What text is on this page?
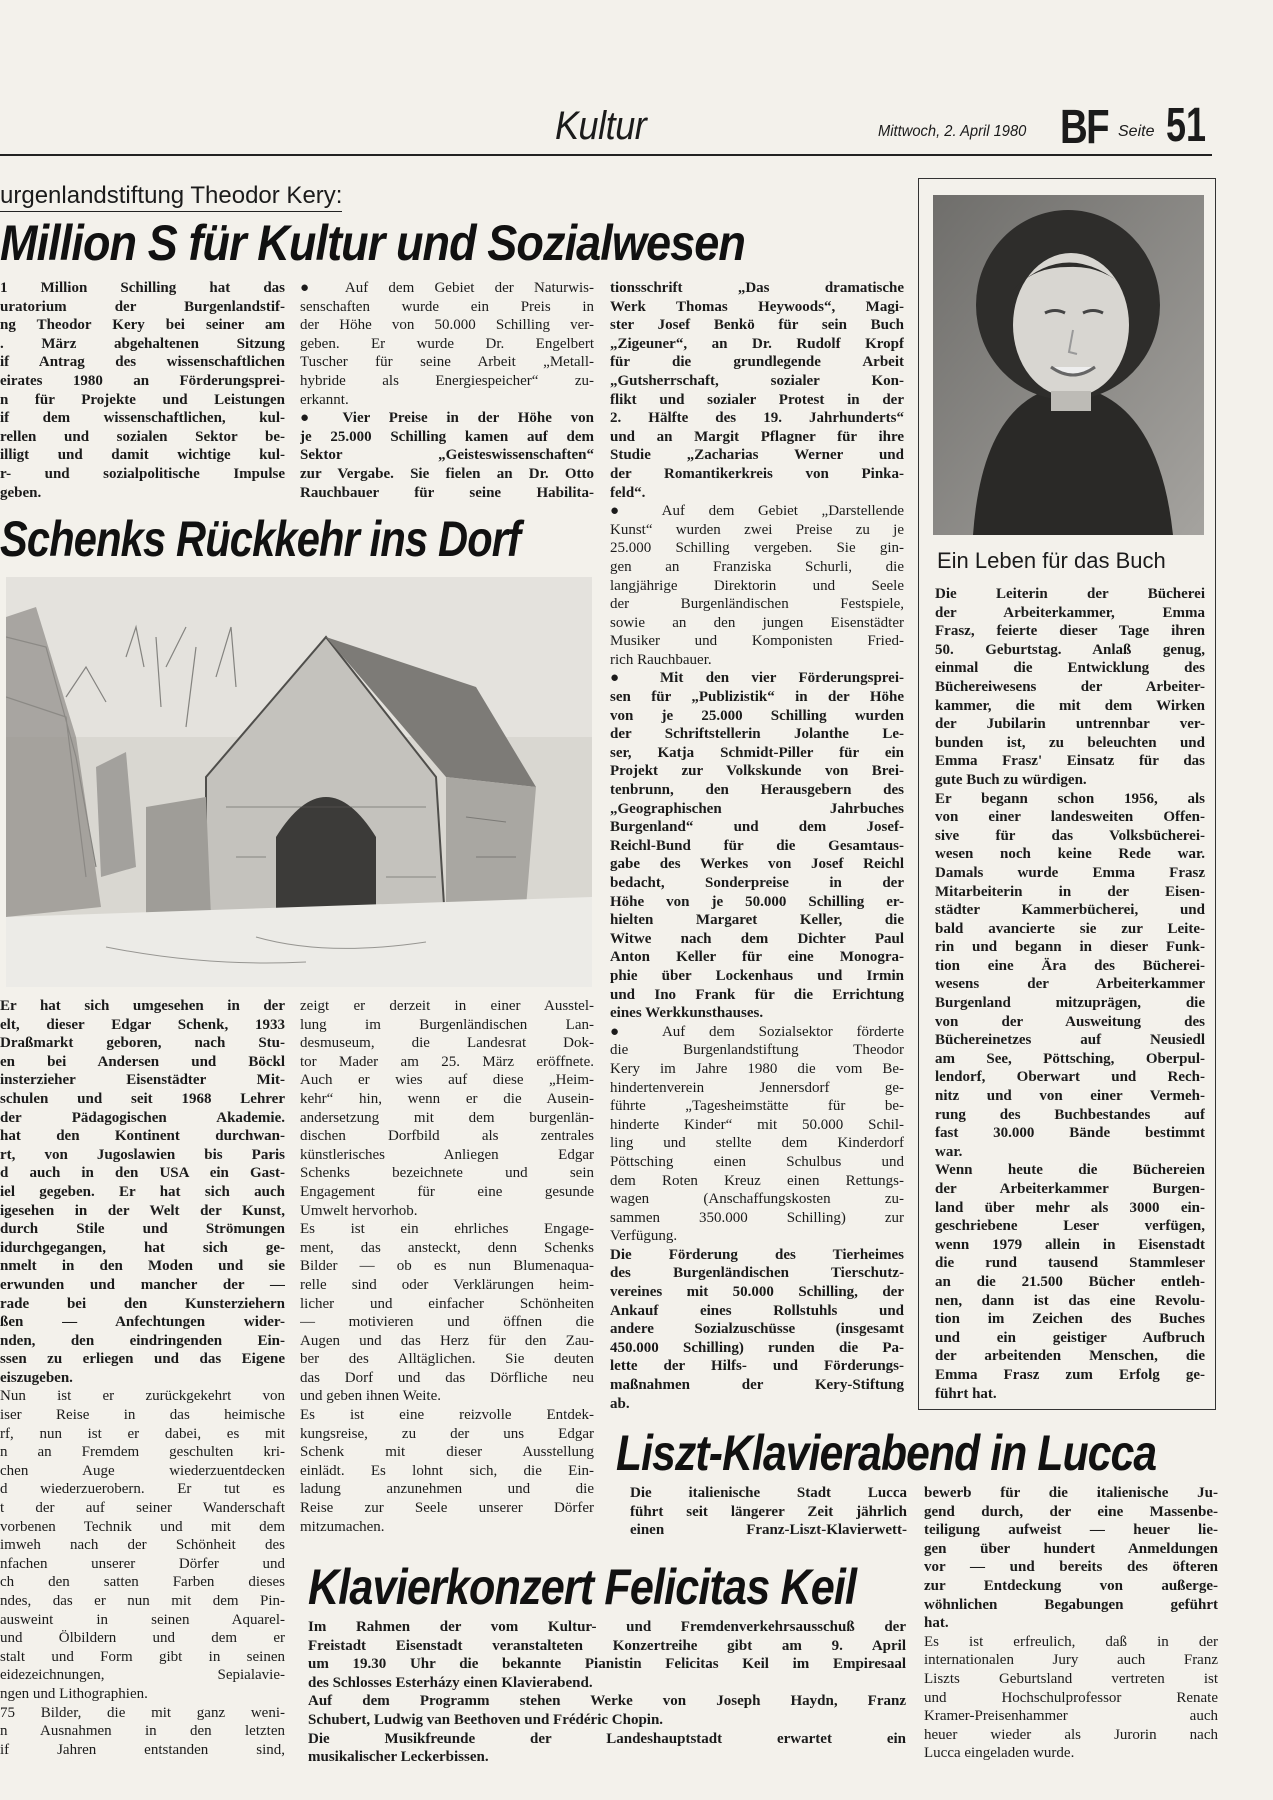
Kultur	Mittwoch, 2. April 1980 BF Seite 51
urgenlandstiftung Theodor Kery:
Million S für Kultur und Sozialwesen
1 Million Schilling hat das
uratorium der Burgenlandstif-
ng Theodor Kery bei seiner am
. März abgehaltenen Sitzung
if Antrag des wissenschaftlichen
eirates 1980 an Förderungsprei-
n für Projekte und Leistungen
if dem wissenschaftlichen, kul-
rellen und sozialen Sektor be-
illigt und damit wichtige kul-
r- und sozialpolitische Impulse
geben.
● Auf dem Gebiet der Naturwis-
senschaften wurde ein Preis in
der Höhe von 50.000 Schilling ver-
geben. Er wurde Dr. Engelbert
Tuscher für seine Arbeit „Metall-
hybride als Energiespeicher“ zu-
erkannt.
● Vier Preise in der Höhe von
je 25.000 Schilling kamen auf dem
Sektor „Geisteswissenschaften“
zur Vergabe. Sie fielen an Dr. Otto
Rauchbauer für seine Habilita-
tionsschrift „Das dramatische
Werk Thomas Heywoods“, Magi-
ster Josef Benkö für sein Buch
„Zigeuner“, an Dr. Rudolf Kropf
für die grundlegende Arbeit
„Gutsherrschaft, sozialer Kon-
flikt und sozialer Protest in der
2. Hälfte des 19. Jahrhunderts“
und an Margit Pflagner für ihre
Studie „Zacharias Werner und
der Romantikerkreis von Pinka-
feld“.
● Auf dem Gebiet „Darstellende
Kunst“ wurden zwei Preise zu je
25.000 Schilling vergeben. Sie gin-
gen an Franziska Schurli, die
langjährige Direktorin und Seele
der Burgenländischen Festspiele,
sowie an den jungen Eisenstädter
Musiker und Komponisten Fried-
rich Rauchbauer.
● Mit den vier Förderungsprei-
sen für „Publizistik“ in der Höhe
von je 25.000 Schilling wurden
der Schriftstellerin Jolanthe Le-
ser, Katja Schmidt-Piller für ein
Projekt zur Volkskunde von Brei-
tenbrunn, den Herausgebern des
„Geographischen Jahrbuches
Burgenland“ und dem Josef-
Reichl-Bund für die Gesamtaus-
gabe des Werkes von Josef Reichl
bedacht, Sonderpreise in der
Höhe von je 50.000 Schilling er-
hielten Margaret Keller, die
Witwe nach dem Dichter Paul
Anton Keller für eine Monogra-
phie über Lockenhaus und Irmin
und Ino Frank für die Errichtung
eines Werkkunsthauses.
● Auf dem Sozialsektor förderte
die Burgenlandstiftung Theodor
Kery im Jahre 1980 die vom Be-
hindertenverein Jennersdorf ge-
führte „Tagesheimstätte für be-
hinderte Kinder“ mit 50.000 Schil-
ling und stellte dem Kinderdorf
Pöttsching einen Schulbus und
dem Roten Kreuz einen Rettungs-
wagen (Anschaffungskosten zu-
sammen 350.000 Schilling) zur
Verfügung.
Die Förderung des Tierheimes
des Burgenländischen Tierschutz-
vereines mit 50.000 Schilling, der
Ankauf eines Rollstuhls und
andere Sozialzuschüsse (insgesamt
450.000 Schilling) runden die Pa-
lette der Hilfs- und Förderungs-
maßnahmen der Kery-Stiftung
ab.
Schenks Rückkehr ins Dorf
Er hat sich umgesehen in der
elt, dieser Edgar Schenk, 1933
Draßmarkt geboren, nach Stu-
en bei Andersen und Böckl
insterzieher Eisenstädter Mit-
schulen und seit 1968 Lehrer
der Pädagogischen Akademie.
hat den Kontinent durchwan-
rt, von Jugoslawien bis Paris
d auch in den USA ein Gast-
iel gegeben. Er hat sich auch
igesehen in der Welt der Kunst,
durch Stile und Strömungen
idurchgegangen, hat sich ge-
nmelt in den Moden und sie
erwunden und mancher der —
rade bei den Kunsterziehern
ßen — Anfechtungen wider-
nden, den eindringenden Ein-
ssen zu erliegen und das Eigene
eiszugeben.
Nun ist er zurückgekehrt von
iser Reise in das heimische
rf, nun ist er dabei, es mit
n an Fremdem geschulten kri-
chen Auge wiederzuentdecken
d wiederzuerobern. Er tut es
t der auf seiner Wanderschaft
vorbenen Technik und mit dem
imweh nach der Schönheit des
nfachen unserer Dörfer und
ch den satten Farben dieses
ndes, das er nun mit dem Pin-
ausweint in seinen Aquarel-
und Ölbildern und dem er
stalt und Form gibt in seinen
eidezeichnungen, Sepialavie-
ngen und Lithographien.
75 Bilder, die mit ganz weni-
n Ausnahmen in den letzten
if Jahren entstanden sind,
zeigt er derzeit in einer Ausstel-
lung im Burgenländischen Lan-
desmuseum, die Landesrat Dok-
tor Mader am 25. März eröffnete.
Auch er wies auf diese „Heim-
kehr“ hin, wenn er die Ausein-
andersetzung mit dem burgenlän-
dischen Dorfbild als zentrales
künstlerisches Anliegen Edgar
Schenks bezeichnete und sein
Engagement für eine gesunde
Umwelt hervorhob.
Es ist ein ehrliches Engage-
ment, das ansteckt, denn Schenks
Bilder — ob es nun Blumenaqua-
relle sind oder Verklärungen heim-
licher und einfacher Schönheiten
— motivieren und öffnen die
Augen und das Herz für den Zau-
ber des Alltäglichen. Sie deuten
das Dorf und das Dörfliche neu
und geben ihnen Weite.
Es ist eine reizvolle Entdek-
kungsreise, zu der uns Edgar
Schenk mit dieser Ausstellung
einlädt. Es lohnt sich, die Ein-
ladung anzunehmen und die
Reise zur Seele unserer Dörfer
mitzumachen.
Ein Leben für das Buch
Die Leiterin der Bücherei
der Arbeiterkammer, Emma
Frasz, feierte dieser Tage ihren
50. Geburtstag. Anlaß genug,
einmal die Entwicklung des
Büchereiwesens der Arbeiter-
kammer, die mit dem Wirken
der Jubilarin untrennbar ver-
bunden ist, zu beleuchten und
Emma Frasz' Einsatz für das
gute Buch zu würdigen.
Er begann schon 1956, als
von einer landesweiten Offen-
sive für das Volksbücherei-
wesen noch keine Rede war.
Damals wurde Emma Frasz
Mitarbeiterin in der Eisen-
städter Kammerbücherei, und
bald avancierte sie zur Leite-
rin und begann in dieser Funk-
tion eine Ära des Bücherei-
wesens der Arbeiterkammer
Burgenland mitzuprägen, die
von der Ausweitung des
Büchereinetzes auf Neusiedl
am See, Pöttsching, Oberpul-
lendorf, Oberwart und Rech-
nitz und von einer Vermeh-
rung des Buchbestandes auf
fast 30.000 Bände bestimmt
war.
Wenn heute die Büchereien
der Arbeiterkammer Burgen-
land über mehr als 3000 ein-
geschriebene Leser verfügen,
wenn 1979 allein in Eisenstadt
die rund tausend Stammleser
an die 21.500 Bücher entleh-
nen, dann ist das eine Revolu-
tion im Zeichen des Buches
und ein geistiger Aufbruch
der arbeitenden Menschen, die
Emma Frasz zum Erfolg ge-
führt hat.
Liszt-Klavierabend in Lucca
Die italienische Stadt Lucca
führt seit längerer Zeit jährlich
einen Franz-Liszt-Klavierwett-
bewerb für die italienische Ju-
gend durch, der eine Massenbe-
teiligung aufweist — heuer lie-
gen über hundert Anmeldungen
vor — und bereits des öfteren
zur Entdeckung von außerge-
wöhnlichen Begabungen geführt
hat.
Es ist erfreulich, daß in der
internationalen Jury auch Franz
Liszts Geburtsland vertreten ist
und Hochschulprofessor Renate
Kramer-Preisenhammer auch
heuer wieder als Jurorin nach
Lucca eingeladen wurde.
Klavierkonzert Felicitas Keil
Im Rahmen der vom Kultur- und Fremdenverkehrsausschuß der
Freistadt Eisenstadt veranstalteten Konzertreihe gibt am 9. April
um 19.30 Uhr die bekannte Pianistin Felicitas Keil im Empiresaal
des Schlosses Esterházy einen Klavierabend.
Auf dem Programm stehen Werke von Joseph Haydn, Franz
Schubert, Ludwig van Beethoven und Frédéric Chopin.
Die Musikfreunde der Landeshauptstadt erwartet ein
musikalischer Leckerbissen.
